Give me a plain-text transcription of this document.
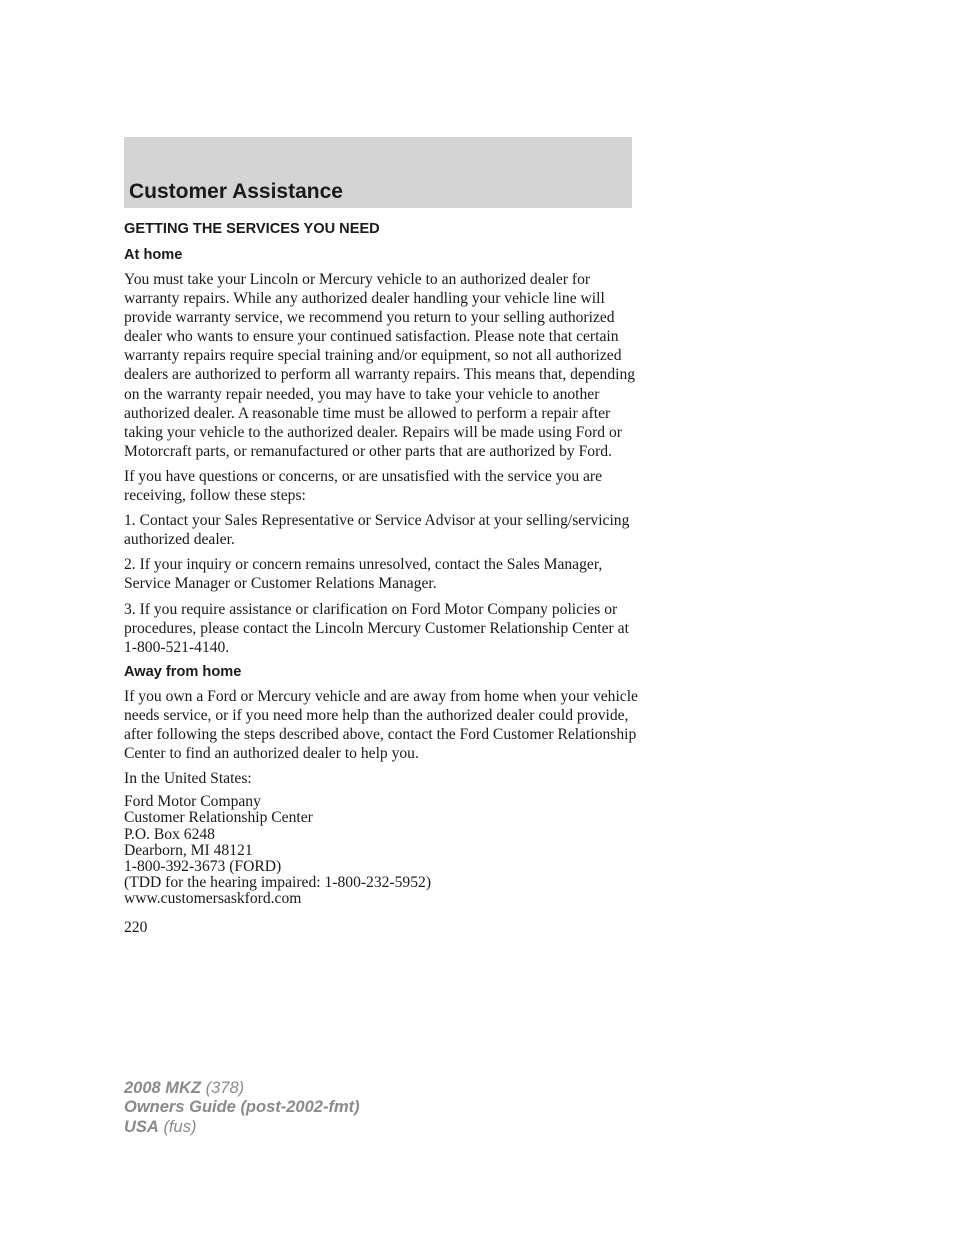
Customer Assistance
GETTING THE SERVICES YOU NEED
At home

You must take your Lincoln or Mercury vehicle to an authorized dealer for warranty repairs. While any authorized dealer handling your vehicle line will provide warranty service, we recommend you return to your selling authorized dealer who wants to ensure your continued satisfaction. Please note that certain warranty repairs require special training and/or equipment, so not all authorized dealers are authorized to perform all warranty repairs. This means that, depending on the warranty repair needed, you may have to take your vehicle to another authorized dealer. A reasonable time must be allowed to perform a repair after taking your vehicle to the authorized dealer. Repairs will be made using Ford or Motorcraft parts, or remanufactured or other parts that are authorized by Ford.

If you have questions or concerns, or are unsatisfied with the service you are receiving, follow these steps:

1. Contact your Sales Representative or Service Advisor at your selling/servicing authorized dealer.

2. If your inquiry or concern remains unresolved, contact the Sales Manager, Service Manager or Customer Relations Manager.

3. If you require assistance or clarification on Ford Motor Company policies or procedures, please contact the Lincoln Mercury Customer Relationship Center at 1-800-521-4140.

Away from home

If you own a Ford or Mercury vehicle and are away from home when your vehicle needs service, or if you need more help than the authorized dealer could provide, after following the steps described above, contact the Ford Customer Relationship Center to find an authorized dealer to help you.

In the United States:

Ford Motor Company
Customer Relationship Center
P.O. Box 6248
Dearborn, MI 48121
1-800-392-3673 (FORD)
(TDD for the hearing impaired: 1-800-232-5952)
www.customersaskford.com
220
2008 MKZ (378)
Owners Guide (post-2002-fmt)
USA (fus)
